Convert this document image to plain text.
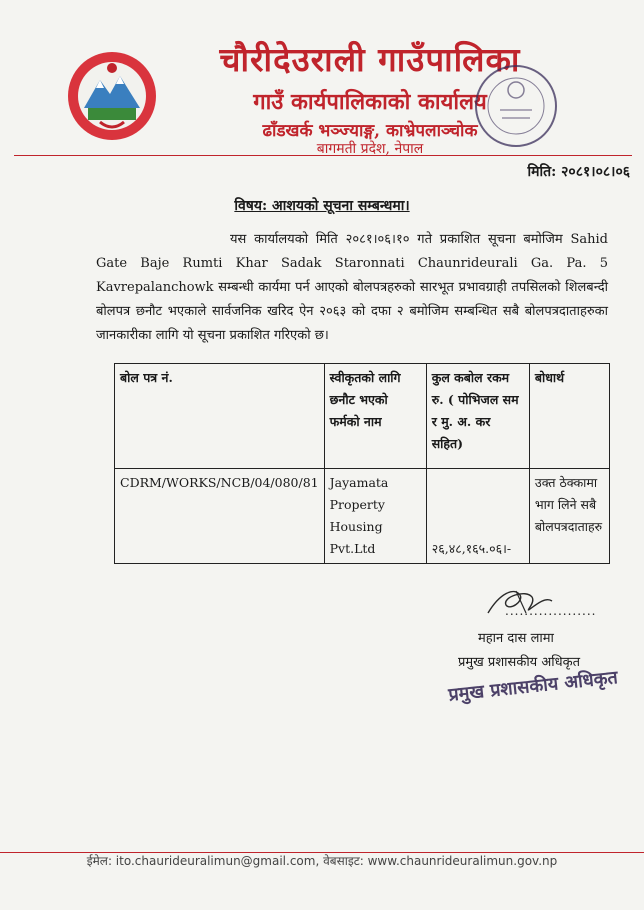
चौरीदेउराली गाउँपालिका
गाउँ कार्यपालिकाको कार्यालय
ढाँडखर्क भञ्ज्याङ्ग, काभ्रेपलाञ्चोक
बागमती प्रदेश, नेपाल
मिति: २०८१।०८।०६
विषय: आशयको सूचना सम्बन्धमा।
यस कार्यालयको मिति २०८१।०६।१० गते प्रकाशित सूचना बमोजिम Sahid Gate Baje Rumti Khar Sadak Staronnati Chaunrideurali Ga. Pa. 5 Kavrepalanchowk सम्बन्धी कार्यमा पर्न आएको बोलपत्रहरुको सारभूत प्रभावग्राही तपसिलको शिलबन्दी बोलपत्र छनौट भएकाले सार्वजनिक खरिद ऐन २०६३ को दफा २ बमोजिम सम्बन्धित सबै बोलपत्रदाताहरुका जानकारीका लागि यो सूचना प्रकाशित गरिएको छ।
बोल पत्र नं.	स्वीकृतको लागि छनौट भएको फर्मको नाम	कुल कबोल रकम रु. ( पोभिजल सम र मु. अ. कर सहित)	बोधार्थ
CDRM/WORKS/NCB/04/080/81	Jayamata Property Housing Pvt.Ltd	२६,४८,१६५.०६।-	उक्त ठेक्कामा भाग लिने सबै बोलपत्रदाताहरु
...................
महान दास लामा
प्रमुख प्रशासकीय अधिकृत
प्रमुख प्रशासकीय अधिकृत
ईमेल: ito.chaurideuralimun@gmail.com, वेबसाइट: www.chaunrideuralimun.gov.np
